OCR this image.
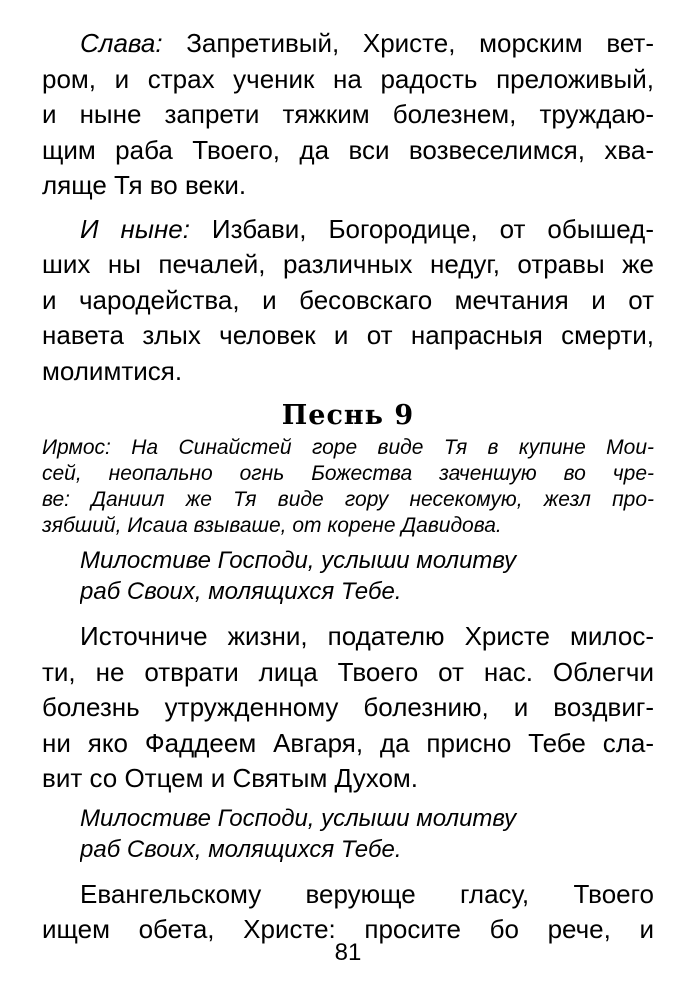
Слава: Запретивый, Христе, морским вет-
ром, и страх ученик на радость преложивый,
и ныне запрети тяжким болезнем, труждаю-
щим раба Твоего, да вси возвеселимся, хва-
ляще Тя во веки.
И ныне: Избави, Богородице, от обышед-
ших ны печалей, различных недуг, отравы же
и чародейства, и бесовскаго мечтания и от
навета злых человек и от напрасныя смерти,
молимтися.
Песнь 9
Ирмос: На Синайстей горе виде Тя в купине Мои-
сей, неопально огнь Божества заченшую во чре-
ве: Даниил же Тя виде гору несекомую, жезл про-
зябший, Исаиа взываше, от корене Давидова.
Милостиве Господи, услыши молитву
раб Своих, молящихся Тебе.
Источниче жизни, подателю Христе милос-
ти, не отврати лица Твоего от нас. Облегчи
болезнь утружденному болезнию, и воздвиг-
ни яко Фаддеем Авгаря, да присно Тебе сла-
вит со Отцем и Святым Духом.
Милостиве Господи, услыши молитву
раб Своих, молящихся Тебе.
Евангельскому верующе гласу, Твоего
ищем обета, Христе: просите бо рече, и
81
